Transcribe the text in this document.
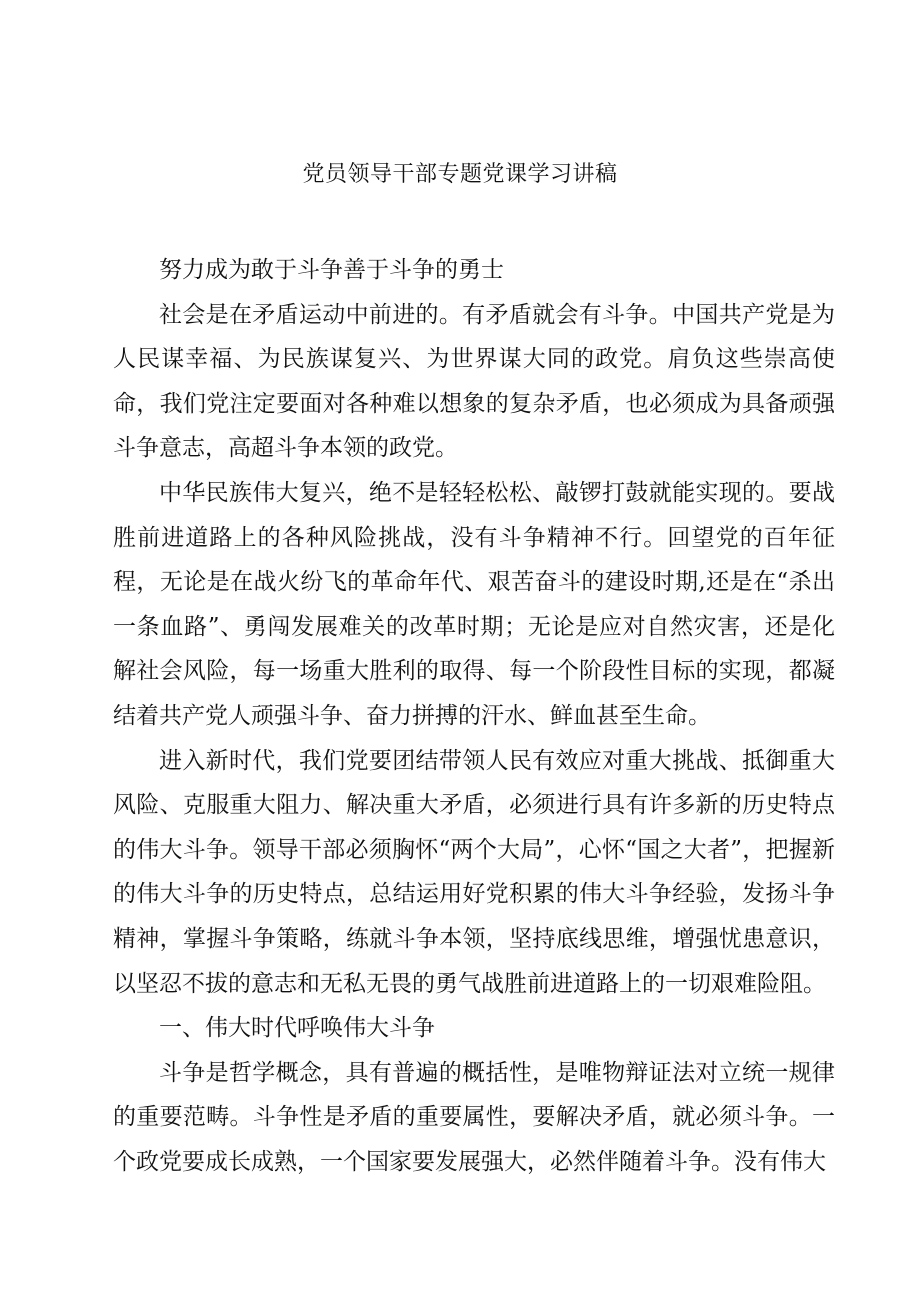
党员领导干部专题党课学习讲稿

努力成为敢于斗争善于斗争的勇士

社会是在矛盾运动中前进的。有矛盾就会有斗争。中国共产党是为人民谋幸福、为民族谋复兴、为世界谋大同的政党。肩负这些崇高使命，我们党注定要面对各种难以想象的复杂矛盾，也必须成为具备顽强斗争意志，高超斗争本领的政党。

中华民族伟大复兴，绝不是轻轻松松、敲锣打鼓就能实现的。要战胜前进道路上的各种风险挑战，没有斗争精神不行。回望党的百年征程，无论是在战火纷飞的革命年代、艰苦奋斗的建设时期,还是在“杀出一条血路”、勇闯发展难关的改革时期；无论是应对自然灾害，还是化解社会风险，每一场重大胜利的取得、每一个阶段性目标的实现，都凝结着共产党人顽强斗争、奋力拼搏的汗水、鲜血甚至生命。

进入新时代，我们党要团结带领人民有效应对重大挑战、抵御重大风险、克服重大阻力、解决重大矛盾，必须进行具有许多新的历史特点的伟大斗争。领导干部必须胸怀“两个大局”，心怀“国之大者”，把握新的伟大斗争的历史特点，总结运用好党积累的伟大斗争经验，发扬斗争精神，掌握斗争策略，练就斗争本领，坚持底线思维，增强忧患意识，以坚忍不拔的意志和无私无畏的勇气战胜前进道路上的一切艰难险阻。

一、伟大时代呼唤伟大斗争

斗争是哲学概念，具有普遍的概括性，是唯物辩证法对立统一规律的重要范畴。斗争性是矛盾的重要属性，要解决矛盾，就必须斗争。一个政党要成长成熟，一个国家要发展强大，必然伴随着斗争。没有伟大
